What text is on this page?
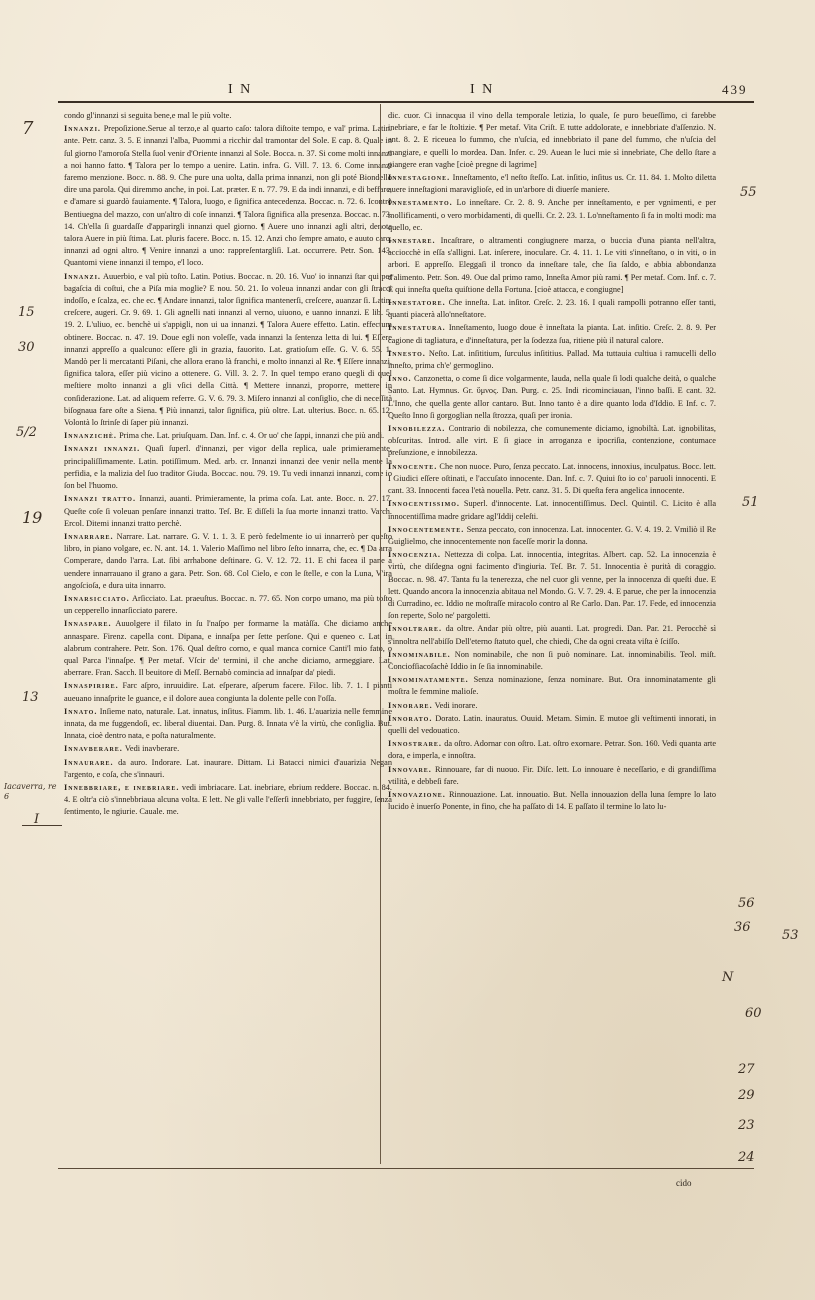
I N	I N	439

condo gl'innanzi si seguita bene,e mal le più volte.

Innanzi. Prepoſizione.Serue al terzo,e al quarto caſo: talora diſtoite tempo, e val' prima. Latin. ante. Petr. canz. 3. 5. E innanzi l'alba, Puommi a ricchir dal tramontar del Sole. E cap. 8. Quale in ſul giorno l'amoroſa Stella ſuol venir d'Oriente innanzi al Sole. Bocca. n. 37. Si come molti innanzi a noi hanno fatto. ¶ Talora per lo tempo a uenire. Latin. infra. G. Vill. 7. 13. 6. Come innanzi faremo menzione. Bocc. n. 88. 9. Che pure una uolta, dalla prima innanzi, non gli poté Biondello dire una parola. Qui diremmo anche, in poi. Lat. præter. E n. 77. 79. E da indi innanzi, e di beffare, e d'amare si guardò fauiamente. ¶ Talora, luogo, e ſignifica antecedenza. Boccac. n. 72. 6. Icontrò Bentiuegna del mazzo, con un'altro di coſe innanzi. ¶ Talora ſignifica alla presenza. Boccac. n. 73. 14. Ch'ella ſi guardaſſe d'apparirgli innanzi quel giorno. ¶ Auere uno innanzi agli altri, denota talora Auere in più ſtima. Lat. pluris facere. Bocc. n. 15. 12. Anzi cho ſempre amato, e auuto caro, innanzi ad ogni altro. ¶ Venire innanzi a uno: rappreſentargliſi. Lat. occurrere. Petr. Son. 143. Quantomi viene innanzi il tempo, e'l loco.

Innanzi. Auuerbio, e val più toſto. Latin. Potius. Boccac. n. 20. 16. Vuo' io innanzi ſtar qui per bagaſcia di coſtui, che a Piſa mia moglie? E nou. 50. 21. Io voleua innanzi andar con gli ſtracci indoſſo, e ſcalza, ec. che ec. ¶ Andare innanzi, talor ſignifica mantenerſi, creſcere, auanzar ſi. Latin. creſcere, augeri. Cr. 9. 69. 1. Gli agnelli nati innanzi al verno, uiuono, e uanno innanzi. E lib. 5. 19. 2. L'uliuo, ec. benchè ui s'appigli, non ui ua innanzi. ¶ Talora Auere effetto. Latin. effectum obtinere. Boccac. n. 47. 19. Doue egli non voleſſe, vada innanzi la ſentenza letta di lui. ¶ Eſſere innanzi appreſſo a qualcuno: eſſere gli in grazia, fauorito. Lat. gratioſum eſſe. G. V. 6. 55. 1. Mandò per li mercatanti Piſani, che allora erano là franchi, e molto innanzi al Re. ¶ Eſſere innanzi, ſignifica talora, eſſer più vicino a ottenere. G. Vill. 3. 2. 7. In quel tempo erano quegli di quel meſtiere molto innanzi a gli vſici della Città. ¶ Mettere innanzi, proporre, mettere in conſiderazione. Lat. ad aliquem referre. G. V. 6. 79. 3. Miſero innanzi al conſiglio, che di neceſſità biſognaua fare oſte a Siena. ¶ Più innanzi, talor ſignifica, più oltre. Lat. ulterius. Bocc. n. 65. 12. Volontà lo ſtrinſe di ſaper più innanzi.

Innanzichè. Prima che. Lat. priuſquam. Dan. Inf. c. 4. Or uo' che ſappi, innanzi che più andi.

Innanzi innanzi. Quaſi ſuperl. d'innanzi, per vigor della replica, uale primieramente, principaliſſimamente. Latin. potiſſimum. Med. arb. cr. Innanzi innanzi dee venir nella mente la perfidia, e la malizia del ſuo traditor Giuda. Boccac. nou. 79. 19. Tu vedi innanzi innanzi, come io ſon bel l'huomo.

Innanzi tratto. Innanzi, auanti. Primieramente, la prima coſa. Lat. ante. Bocc. n. 27. 17. Queſte coſe ſi voleuan penſare innanzi tratto. Teſ. Br. E diſſeli la ſua morte innanzi tratto. Varch. Ercol. Ditemi innanzi tratto perchè.

Innarrare. Narrare. Lat. narrare. G. V. 1. 1. 3. E però fedelmente io ui innarrerò per queſto libro, in piano volgare, ec. N. ant. 14. 1. Valerio Maſſimo nel libro ſeſto innarra, che, ec. ¶ Da arra Comperare, dando l'arra. Lat. ſibi arrhabone deſtinare. G. V. 12. 72. 11. E chi facea il pane a uendere innarrauano il grano a gara. Petr. Son. 68. Col Cielo, e con le ſtelle, e con la Luna, V'ira angoſcioſa, e dura uita innarro.

Innarsicciato. Arſicciato. Lat. praeuſtus. Boccac. n. 77. 65. Non corpo umano, ma più toſto un cepperello innarſicciato parere.

Innaspare. Auuolgere il filato in ſu l'naſpo per formarne la matàſſa. Che diciamo anche annaspare. Firenz. capella cont. Dipana, e innaſpa per ſette perſone. Qui e queneo c. Lat. in alabrum contrahere. Petr. Son. 176. Qual deſtro corno, e qual manca cornice Canti'l mio fato, o qual Parca l'innaſpe. ¶ Per metaf. Vſcir de' termini, il che anche diciamo, armeggiare. Lat. aberrare. Fran. Sacch. Il beuitore di Meſſ. Bernabò comincia ad innaſpar da' piedi.

Innaspirire. Farc aſpro, inruuidire. Lat. eſperare, aſperum facere. Filoc. lib. 7. 1. I pianti aueuano innaſprite le guance, e il dolore auea congiunta la dolente pelle con l'oſſa.

Innato. Inſieme nato, naturale. Lat. innatus, inſitus. Fiamm. lib. 1. 46. L'auarizia nelle femmine innata, da me fuggendoſi, ec. liberal diuentai. Dan. Purg. 8. Innata v'è la virtù, che conſiglia. But. Innata, cioè dentro nata, e poſta naturalmente.

Innavberare. Vedi inavberare.

Innaurare. da auro. Indorare. Lat. inaurare. Dittam. Li Batacci nimici d'auarizia Negan l'argento, e coſa, che s'innauri.

Innebbriare, e inebriare. vedi imbriacare. Lat. inebriare, ebrium reddere. Boccac. n. 84. 4. E oltr'a ciò s'innebbriaua alcuna volta. E lett. Ne gli valle l'eſſerſi innebbriato, per fuggire, ſenza ſentimento, le ngiurie. Cauale. me.

dic. cuor. Ci innacqua il vino della temporale letizia, lo quale, ſe puro beueſſimo, ci farebbe inebriare, e far le ſtoltizie. ¶ Per metaf. Vita Criſt. E tutte addolorate, e innebbriate d'aſſenzio. N. ant. 8. 2. E riceuea lo fummo, che n'uſcia, ed innebbriato il pane del fummo, che n'uſcia del mangiare, e quelli lo mordea. Dan. Infer. c. 29. Auean le luci mie sì innebriate, Che dello ſtare a piangere eran vaghe [cioè pregne di lagrime]

Innestagione. Inneſtamento, e'l neſto ſteſſo. Lat. inſitio, inſitus us. Cr. 11. 84. 1. Molto diletta auere inneſtagioni maraviglioſe, ed in un'arbore di diuerſe maniere.

Innestamento. Lo inneſtare. Cr. 2. 8. 9. Anche per inneſtamento, e per vgnimenti, e per mollificamenti, o vero morbidamenti, di quelli. Cr. 2. 23. 1. Lo'nneſtamento ſi fa in molti modi: ma quello, ec.

Innestare. Incaſtrare, o altramenti congiugnere marza, o buccia d'una pianta nell'altra, acciocchè in eſſa s'alligni. Lat. inſerere, inoculare. Cr. 4. 11. 1. Le viti s'inneſtano, o in viti, o in arbori. E appreſſo. Eleggaſi il tronco da inneſtare tale, che ſia ſaldo, e abbia abbondanza d'alimento. Petr. Son. 49. Oue dal primo ramo, Inneſta Amor più rami. ¶ Per metaf. Com. Inf. c. 7. E qui inneſta queſta quiſtione della Fortuna. [cioè attacca, e congiugne]

Innestatore. Che inneſta. Lat. inſitor. Creſc. 2. 23. 16. I quali rampolli potranno eſſer tanti, quanti piacerà allo'nneſtatore.

Innestatura. Inneſtamento, luogo doue è inneſtata la pianta. Lat. inſitio. Creſc. 2. 8. 9. Per cagione di tagliatura, e d'inneſtatura, per la ſodezza ſua, ritiene più il natural calore.

Innesto. Neſto. Lat. inſititium, ſurculus inſititius. Pallad. Ma tuttauia cultiua i ramucelli dello inneſto, prima ch'e' germoglino.

Inno. Canzonetta, o come ſi dice volgarmente, lauda, nella quale ſi lodi qualche deità, o qualche Santo. Lat. Hymnus. Gr. ὕμνος. Dan. Purg. c. 25. Indi ricominciauan, l'inno baſſi. E cant. 32. L'Inno, che quella gente allor cantaro. But. Inno tanto è a dire quanto loda d'Iddio. E Inf. c. 7. Queſto Inno ſi gorgoglian nella ſtrozza, quaſi per ironia.

Innobilezza. Contrario di nobilezza, che comunemente diciamo, ignobiltà. Lat. ignobilitas, obſcuritas. Introd. alle virt. E ſi giace in arroganza e ipocriſia, contenzione, contumace preſunzione, e innobilezza.

Innocente. Che non nuoce. Puro, ſenza peccato. Lat. innocens, innoxius, inculpatus. Bocc. lett. I Giudici eſſere oſtinati, e l'accuſato innocente. Dan. Inf. c. 7. Quiui ſto io co' paruoli innocenti. E cant. 33. Innocenti facea l'età nouella. Petr. canz. 31. 5. Di queſta fera angelica innocente.

Innocentissimo. Superl. d'innocente. Lat. innocentiſſimus. Decl. Quintil. C. Licito è alla innocentiſſima madre gridare agl'Iddij celeſti.

Innocentemente. Senza peccato, con innocenza. Lat. innocenter. G. V. 4. 19. 2. Vmiliò il Re Guiglielmo, che innocentemente non faceſſe morir la donna.

Innocenzia. Nettezza di colpa. Lat. innocentia, integritas. Albert. cap. 52. La innocenzia è virtù, che diſdegna ogni facimento d'ingiuria. Teſ. Br. 7. 51. Innocentia è purità di coraggio. Boccac. n. 98. 47. Tanta fu la tenerezza, che nel cuor gli venne, per la innocenza di queſti due. E lett. Quando ancora la innocenzia abitaua nel Mondo. G. V. 7. 29. 4. E parue, che per la innocenzia di Curradino, ec. Iddio ne moſtraſſe miracolo contro al Re Carlo. Dan. Par. 17. Fede, ed innocenzia ſon reperte, Solo ne' pargoletti.

Innoltrare. da oltre. Andar più oltre, più auanti. Lat. progredi. Dan. Par. 21. Perocchè sì s'innoltra nell'abiſſo Dell'eterno ſtatuto quel, che chiedi, Che da ogni creata viſta è ſciſſo.

Innominabile. Non nominabile, che non ſi può nominare. Lat. innominabilis. Teol. miſt. Conciofſiacoſachè Iddio in ſe ſia innominabile.

Innominatamente. Senza nominazione, ſenza nominare. But. Ora innominatamente gli moſtra le femmine malioſe.

Innorare. Vedi inorare.

Innorato. Dorato. Latin. inauratus. Ouuid. Metam. Simin. E mutoe gli veſtimenti innorati, in quelli del vedouatico.

Innostrare. da oſtro. Adornar con oſtro. Lat. oſtro exornare. Petrar. Son. 160. Vedi quanta arte dora, e imperla, e innoſtra.

Innovare. Rinnouare, far di nuouo. Fir. Diſc. lett. Lo innouare è neceſſario, e di grandiſſima vtilità, e debbeſi fare.

Innovazione. Rinnouazione. Lat. innouatio. But. Nella innouazion della luna ſempre lo lato lucido è inuerſo Ponente, in fino, che ha paſſato di 14. E paſſato il termine lo lato lu-

cido
7
15
30
5/2
19
13
Iacaverra, re 6
I
55
51
56
36
N
60
27
29
23
24
53
